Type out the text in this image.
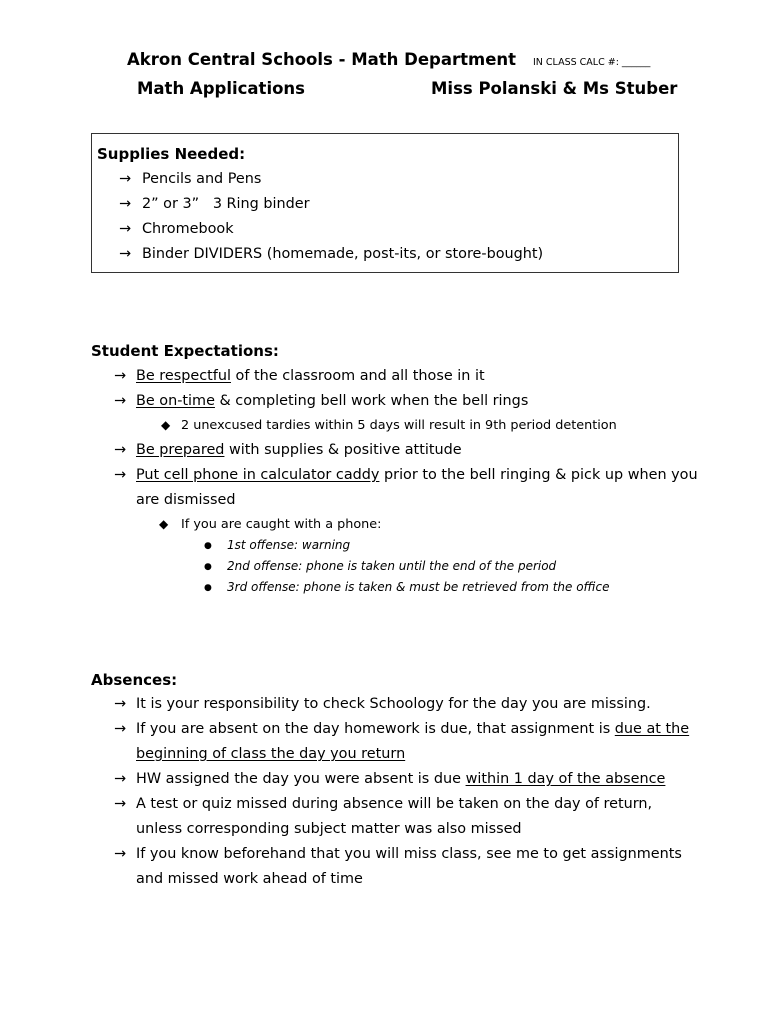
Akron Central Schools - Math Department IN CLASS CALC #: ______
Math Applications	Miss Polanski & Ms Stuber
Supplies Needed:
→ Pencils and Pens
→ 2” or 3”   3 Ring binder
→ Chromebook
→ Binder DIVIDERS (homemade, post-its, or store-bought)
Student Expectations:
→ Be respectful of the classroom and all those in it
→ Be on-time & completing bell work when the bell rings
◆ 2 unexcused tardies within 5 days will result in 9th period detention
→ Be prepared with supplies & positive attitude
→ Put cell phone in calculator caddy prior to the bell ringing & pick up when you
are dismissed
◆ If you are caught with a phone:
● 1st offense: warning
● 2nd offense: phone is taken until the end of the period
● 3rd offense: phone is taken & must be retrieved from the office
Absences:
→ It is your responsibility to check Schoology for the day you are missing.
→ If you are absent on the day homework is due, that assignment is due at the
beginning of class the day you return
→ HW assigned the day you were absent is due within 1 day of the absence
→ A test or quiz missed during absence will be taken on the day of return,
unless corresponding subject matter was also missed
→ If you know beforehand that you will miss class, see me to get assignments
and missed work ahead of time
